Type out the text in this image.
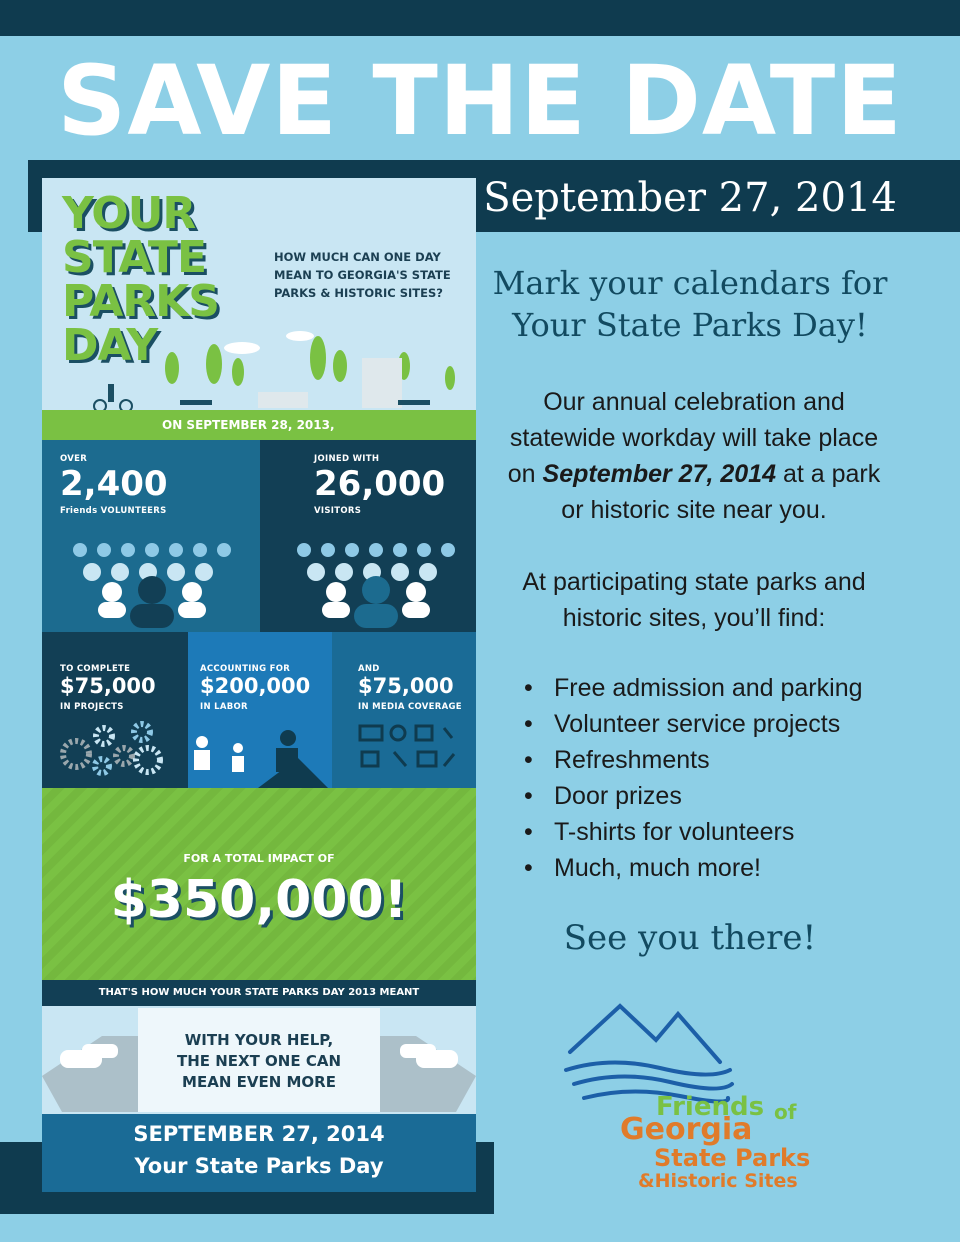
SAVE THE DATE
September 27, 2014
YOUR
STATE
PARKS
DAY
HOW MUCH CAN ONE DAY MEAN TO GEORGIA'S STATE PARKS & HISTORIC SITES?
ON SEPTEMBER 28, 2013,
OVER
2,400
Friends VOLUNTEERS
JOINED WITH
26,000
VISITORS
TO COMPLETE
$75,000
IN PROJECTS
ACCOUNTING FOR
$200,000
IN LABOR
AND
$75,000
IN MEDIA COVERAGE
FOR A TOTAL IMPACT OF
$350,000!
THAT'S HOW MUCH YOUR STATE PARKS DAY 2013 MEANT
WITH YOUR HELP,
THE NEXT ONE CAN
MEAN EVEN MORE
SEPTEMBER 27, 2014
Your State Parks Day
Mark your calendars for
Your State Parks Day!
Our annual celebration and
statewide workday will take place
on September 27, 2014 at a park
or historic site near you.
At participating state parks and
historic sites, you’ll find:
• Free admission and parking
• Volunteer service projects
• Refreshments
• Door prizes
• T-shirts for volunteers
• Much, much more!
See you there!
Friends of
Georgia
State Parks
&Historic Sites
